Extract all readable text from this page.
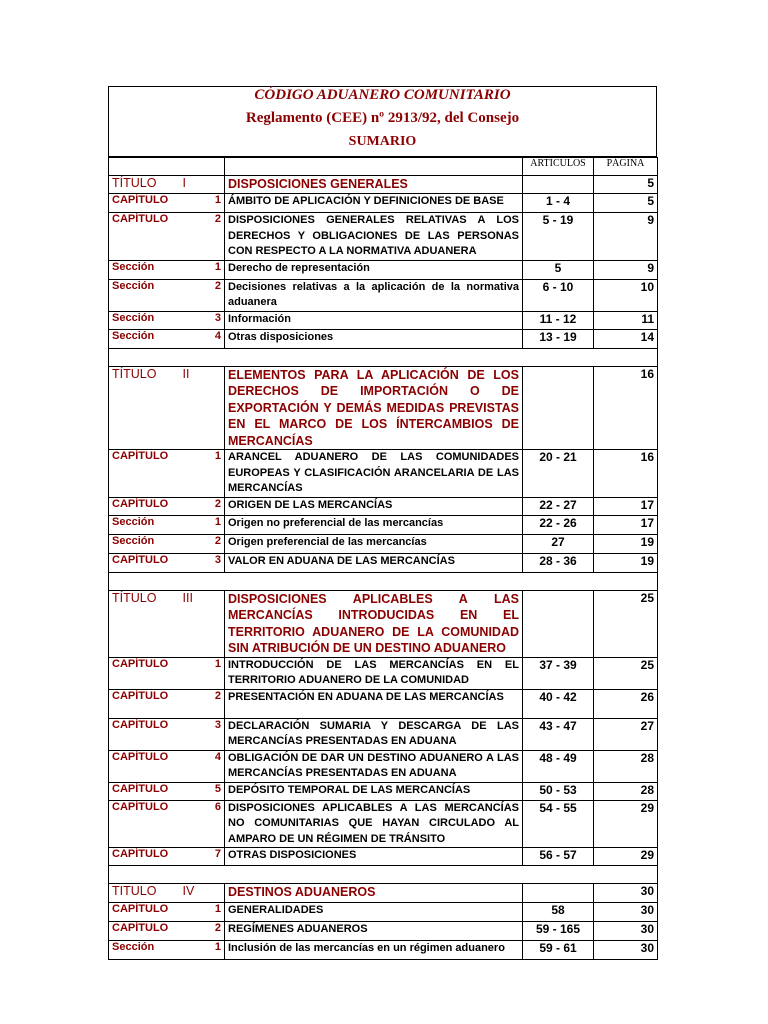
CÓDIGO ADUANERO COMUNITARIO
Reglamento (CEE) nº 2913/92, del Consejo
SUMARIO
			ARTÍCULOS	PÁGINA
TÍTULO	I	DISPOSICIONES GENERALES		5
CAPÍTULO	1	ÁMBITO DE APLICACIÓN Y DEFINICIONES DE BASE	1 - 4	5
CAPÍTULO	2	DISPOSICIONES GENERALES RELATIVAS A LOS DERECHOS Y OBLIGACIONES DE LAS PERSONAS CON RESPECTO A LA NORMATIVA ADUANERA	5 - 19	9
Sección	1	Derecho de representación	5	9
Sección	2	Decisiones relativas a la aplicación de la normativa aduanera	6 - 10	10
Sección	3	Información	11 - 12	11
Sección	4	Otras disposiciones	13 - 19	14

TÍTULO	II	ELEMENTOS PARA LA APLICACIÓN DE LOS DERECHOS DE IMPORTACIÓN O DE EXPORTACIÓN Y DEMÁS MEDIDAS PREVISTAS EN EL MARCO DE LOS ÍNTERCAMBIOS DE MERCANCÍAS		16
CAPÍTULO	1	ARANCEL ADUANERO DE LAS COMUNIDADES EUROPEAS Y CLASIFICACIÓN ARANCELARIA DE LAS MERCANCÍAS	20 - 21	16
CAPÍTULO	2	ORIGEN DE LAS MERCANCÍAS	22 - 27	17
Sección	1	Origen no preferencial de las mercancías	22 - 26	17
Sección	2	Origen preferencial de las mercancías	27	19
CAPÍTULO	3	VALOR EN ADUANA DE LAS MERCANCÍAS	28 - 36	19

TÍTULO	III	DISPOSICIONES APLICABLES A LAS MERCANCÍAS INTRODUCIDAS EN EL TERRITORIO ADUANERO DE LA COMUNIDAD SIN ATRIBUCIÓN DE UN DESTINO ADUANERO		25
CAPÍTULO	1	INTRODUCCIÓN DE LAS MERCANCÍAS EN EL TERRITORIO ADUANERO DE LA COMUNIDAD	37 - 39	25
CAPÍTULO	2	PRESENTACIÓN EN ADUANA DE LAS MERCANCÍAS	40 - 42	26
CAPÍTULO	3	DECLARACIÓN SUMARIA Y DESCARGA DE LAS MERCANCÍAS PRESENTADAS EN ADUANA	43 - 47	27
CAPÍTULO	4	OBLIGACIÓN DE DAR UN DESTINO ADUANERO A LAS MERCANCÍAS PRESENTADAS EN ADUANA	48 - 49	28
CAPÍTULO	5	DEPÓSITO TEMPORAL DE LAS MERCANCÍAS	50 - 53	28
CAPÍTULO	6	DISPOSICIONES APLICABLES A LAS MERCANCÍAS NO COMUNITARIAS QUE HAYAN CIRCULADO AL AMPARO DE UN RÉGIMEN DE TRÁNSITO	54 - 55	29
CAPÍTULO	7	OTRAS DISPOSICIONES	56 - 57	29

TITULO	IV	DESTINOS ADUANEROS		30
CAPÍTULO	1	GENERALIDADES	58	30
CAPÍTULO	2	REGÍMENES ADUANEROS	59 - 165	30
Sección	1	Inclusión de las mercancías en un régimen aduanero	59 - 61	30
